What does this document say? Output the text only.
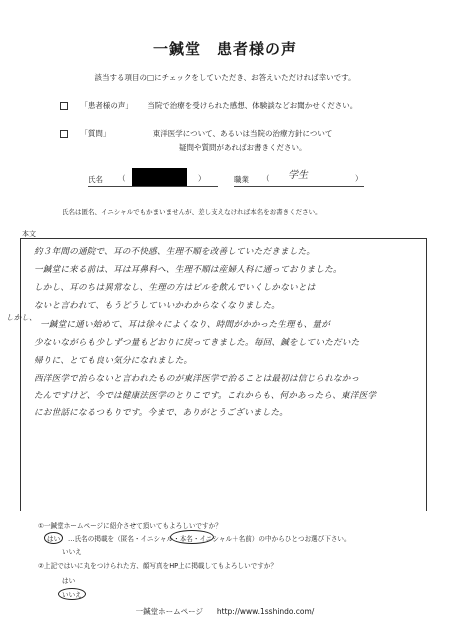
一鍼堂　患者様の声
該当する項目の□にチェックをしていただき、お答えいただければ幸いです。
「患者様の声」 当院で治療を受けられた感想、体験談などお聞かせください。
「質問」	東洋医学について、あるいは当院の治療方針について
疑問や質問があればお書きください。
氏名 （	）	職業 （ 学生	）
氏名は匿名、イニシャルでもかまいませんが、差し支えなければ本名をお書きください。
本文
しかし、
約３年間の通院で、耳の不快感、生理不順を改善していただきました。
一鍼堂に来る前は、耳は耳鼻科へ、生理不順は産婦人科に通っておりました。
しかし、耳のちは異常なし、生理の方はピルを飲んでいくしかないとは
ないと言われて、もうどうしていいかわからなくなりました。
一鍼堂に通い始めて、耳は徐々によくなり、時間がかかった生理も、量が
少ないながらも少しずつ量もどおりに戻ってきました。毎回、鍼をしていただいた
帰りに、とても良い気分になれました。
西洋医学で治らないと言われたものが東洋医学で治ることは最初は信じられなかっ
たんですけど、今では健康法医学のとりこです。これからも、何かあったら、東洋医学
にお世話になるつもりです。今まで、ありがとうございました。
①一鍼堂ホームページに紹介させて頂いてもよろしいですか？
はい	…氏名の掲載を（匿名・イニシャル・本名・イニシャル＋名前）の中からひとつお選び下さい。
いいえ
②上記ではいに丸をつけられた方、顔写真をHP上に掲載してもよろしいですか？
はい
いいえ
一鍼堂ホームページ　 http://www.1sshindo.com/
